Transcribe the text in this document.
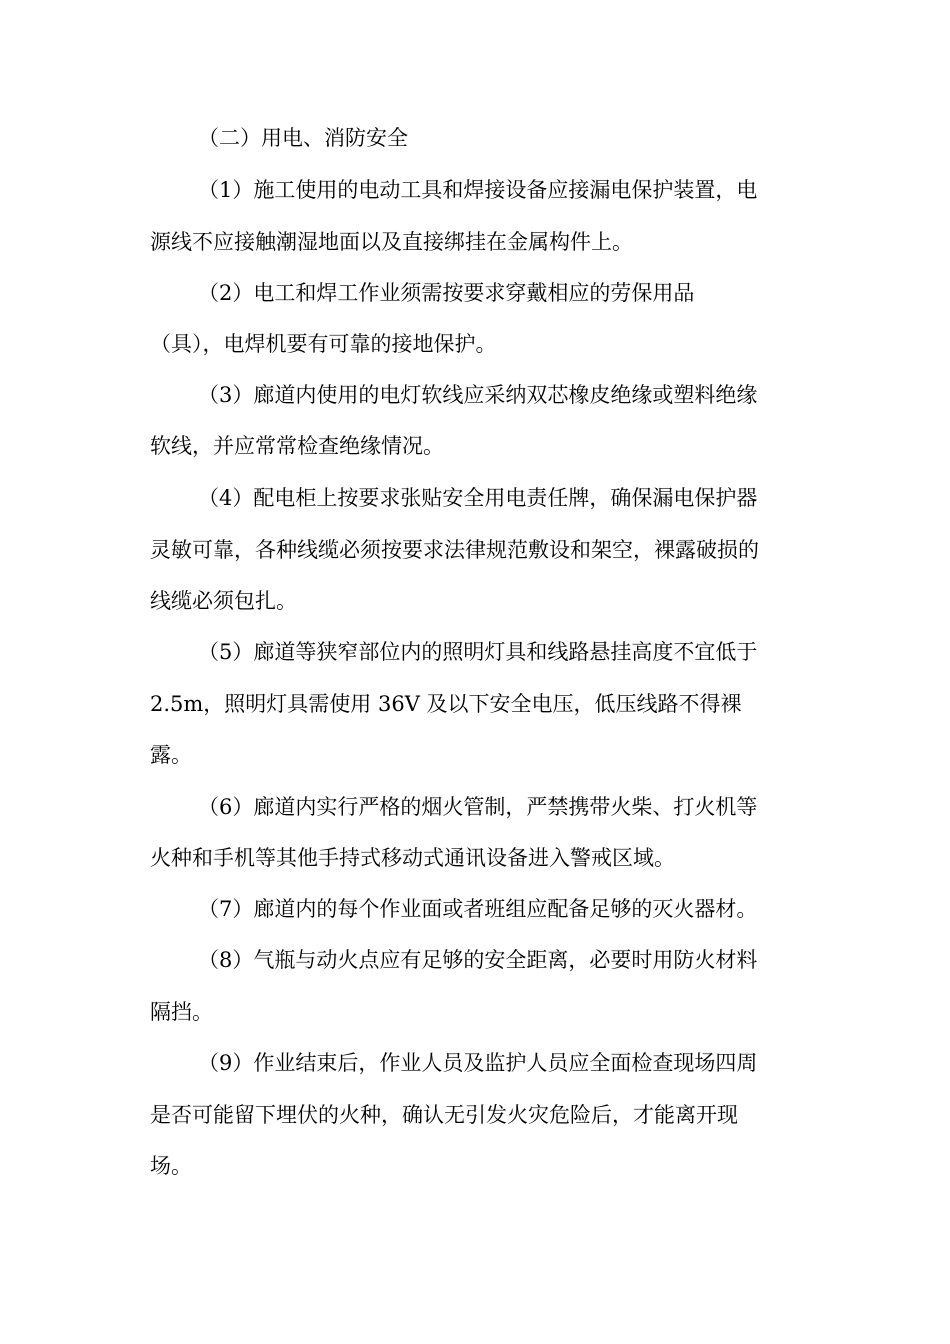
（二）用电、消防安全
（1）施工使用的电动工具和焊接设备应接漏电保护装置，电
源线不应接触潮湿地面以及直接绑挂在金属构件上。
（2）电工和焊工作业须需按要求穿戴相应的劳保用品
（具），电焊机要有可靠的接地保护。
（3）廊道内使用的电灯软线应采纳双芯橡皮绝缘或塑料绝缘
软线，并应常常检查绝缘情况。
（4）配电柜上按要求张贴安全用电责任牌，确保漏电保护器
灵敏可靠，各种线缆必须按要求法律规范敷设和架空，裸露破损的
线缆必须包扎。
（5）廊道等狭窄部位内的照明灯具和线路悬挂高度不宜低于
2.5m，照明灯具需使用 36V 及以下安全电压，低压线路不得裸
露。
（6）廊道内实行严格的烟火管制，严禁携带火柴、打火机等
火种和手机等其他手持式移动式通讯设备进入警戒区域。
（7）廊道内的每个作业面或者班组应配备足够的灭火器材。
（8）气瓶与动火点应有足够的安全距离，必要时用防火材料
隔挡。
（9）作业结束后，作业人员及监护人员应全面检查现场四周
是否可能留下埋伏的火种，确认无引发火灾危险后，才能离开现
场。
